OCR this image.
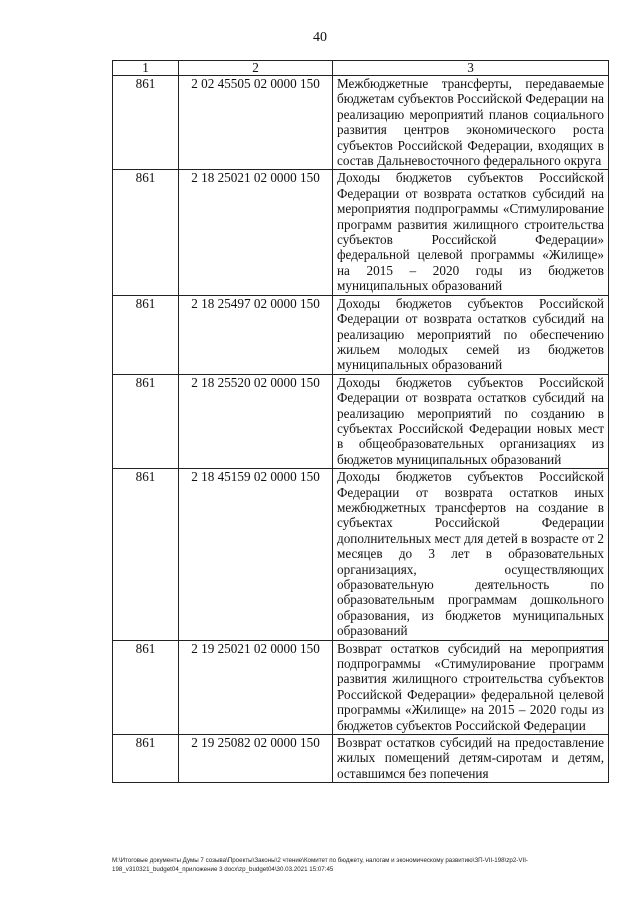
40
1	2	3
861	2 02 45505 02 0000 150	Межбюджетные трансферты, передаваемые бюджетам субъектов Российской Федерации на реализацию мероприятий планов социального развития центров экономического роста субъектов Российской Федерации, входящих в состав Дальневосточного федерального округа
861	2 18 25021 02 0000 150	Доходы бюджетов субъектов Российской Федерации от возврата остатков субсидий на мероприятия подпрограммы «Стимулирование программ развития жилищного строительства субъектов Российской Федерации» федеральной целевой программы «Жилище» на 2015 – 2020 годы из бюджетов муниципальных образований
861	2 18 25497 02 0000 150	Доходы бюджетов субъектов Российской Федерации от возврата остатков субсидий на реализацию мероприятий по обеспечению жильем молодых семей из бюджетов муниципальных образований
861	2 18 25520 02 0000 150	Доходы бюджетов субъектов Российской Федерации от возврата остатков субсидий на реализацию мероприятий по созданию в субъектах Российской Федерации новых мест в общеобразовательных организациях из бюджетов муниципальных образований
861	2 18 45159 02 0000 150	Доходы бюджетов субъектов Российской Федерации от возврата остатков иных межбюджетных трансфертов на создание в субъектах Российской Федерации дополнительных мест для детей в возрасте от 2 месяцев до 3 лет в образовательных организациях, осуществляющих образовательную деятельность по образовательным программам дошкольного образования, из бюджетов муниципальных образований
861	2 19 25021 02 0000 150	Возврат остатков субсидий на мероприятия подпрограммы «Стимулирование программ развития жилищного строительства субъектов Российской Федерации» федеральной целевой программы «Жилище» на 2015 – 2020 годы из бюджетов субъектов Российской Федерации
861	2 19 25082 02 0000 150	Возврат остатков субсидий на предоставление жилых помещений детям-сиротам и детям, оставшимся без попечения
M:\Итоговые документы Думы 7 созыва\Проекты\Законы\2 чтение\Комитет по бюджету, налогам и экономическому развитию\ЗП-VII-198\zp2-VII-198_v310321_budget04_приложение 3 docx\zp_budget04\30.03.2021 15:07:45
